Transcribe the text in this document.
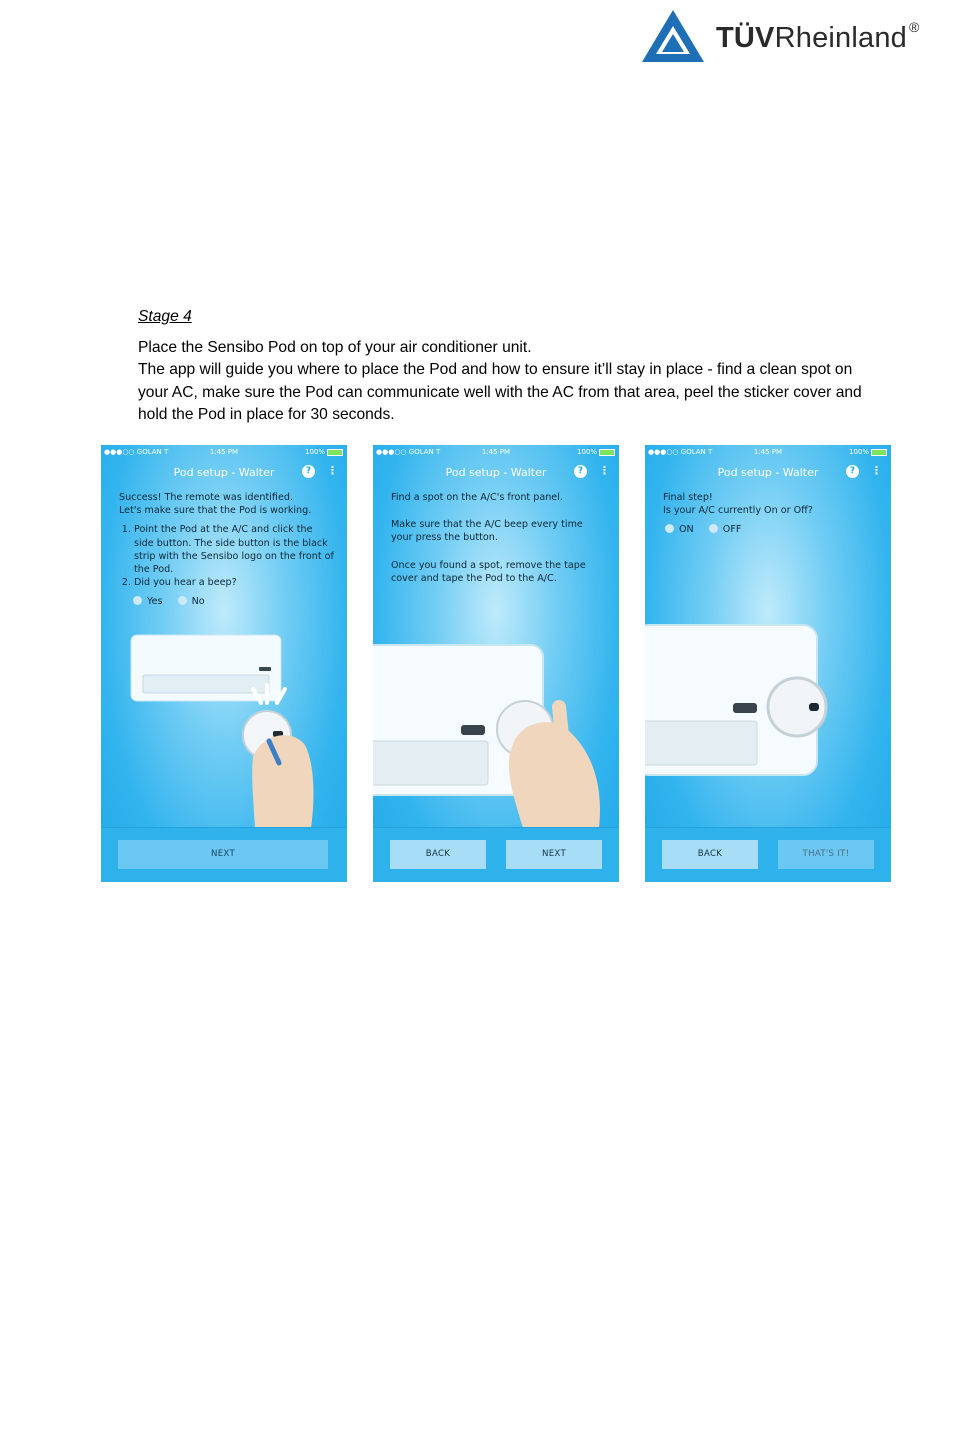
TÜVRheinland ®
Stage 4

Place the Sensibo Pod on top of your air conditioner unit.

The app will guide you where to place the Pod and how to ensure it’ll stay in place - find a clean spot on your AC, make sure the Pod can communicate well with the AC from that area, peel the sticker cover and hold the Pod in place for 30 seconds.

●●●○○ GOLAN T	1:45 PM	100%
Pod setup - Walter	?	⋮

Success! The remote was identified.

Let's make sure that the Pod is working.

1. Point the Pod at the A/C and click the side button. The side button is the black strip with the Sensibo logo on the front of the Pod.
2. Did you hear a beep?
Yes	No
NEXT
●●●○○ GOLAN T	1:45 PM	100%
Pod setup - Walter	?	⋮

Find a spot on the A/C's front panel.

Make sure that the A/C beep every time your press the button.

Once you found a spot, remove the tape cover and tape the Pod to the A/C.

BACK	NEXT
●●●○○ GOLAN T	1:45 PM	100%
Pod setup - Walter	?	⋮

Final step!

Is your A/C currently On or Off?

ON	OFF
BACK	THAT'S IT!
